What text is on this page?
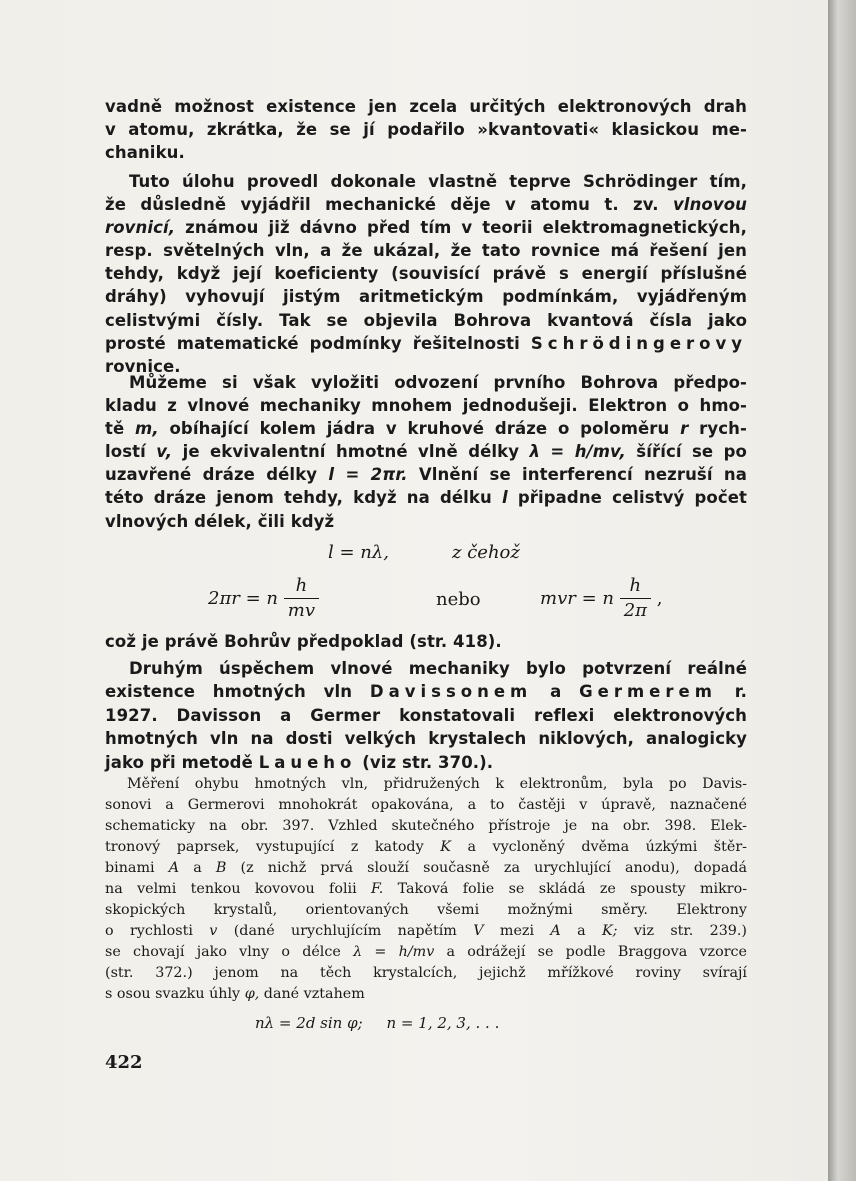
vadně možnost existence jen zcela určitých elektronových drah
v atomu, zkrátka, že se jí podařilo »kvantovati« klasickou me-
chaniku.
Tuto úlohu provedl dokonale vlastně teprve Schrödinger tím,
že důsledně vyjádřil mechanické děje v atomu t. zv. vlnovou
rovnicí, známou již dávno před tím v teorii elektromagnetických,
resp. světelných vln, a že ukázal, že tato rovnice má řešení jen
tehdy, když její koeficienty (souvisící právě s energií příslušné
dráhy) vyhovují jistým aritmetickým podmínkám, vyjádřeným
celistvými čísly. Tak se objevila Bohrova kvantová čísla jako
prosté matematické podmínky řešitelnosti Schrödingerovy
rovnice.
Můžeme si však vyložiti odvození prvního Bohrova předpo-
kladu z vlnové mechaniky mnohem jednodušeji. Elektron o hmo-
tě m, obíhající kolem jádra v kruhové dráze o poloměru r rych-
lostí v, je ekvivalentní hmotné vlně délky λ = h/mv, šířící se po
uzavřené dráze délky l = 2πr. Vlnění se interferencí nezruší na
této dráze jenom tehdy, když na délku l připadne celistvý počet
vlnových délek, čili když
l = nλ,	z čehož
2πr = n $\frac{h}{mv}$	nebo	mvr = n $\frac{h}{2\pi}$ ,
což je právě Bohrův předpoklad (str. 418).
Druhým úspěchem vlnové mechaniky bylo potvrzení reálné
existence hmotných vln Davissonem a Germerem r.
1927. Davisson a Germer konstatovali reflexi elektronových
hmotných vln na dosti velkých krystalech niklových, analogicky
jako při metodě Laueho (viz str. 370.).
Měření ohybu hmotných vln, přidružených k elektronům, byla po Davis-
sonovi a Germerovi mnohokrát opakována, a to častěji v úpravě, naznačené
schematicky na obr. 397. Vzhled skutečného přístroje je na obr. 398. Elek-
tronový paprsek, vystupující z katody K a vycloněný dvěma úzkými štěr-
binami A a B (z nichž prvá slouží současně za urychlující anodu), dopadá
na velmi tenkou kovovou folii F. Taková folie se skládá ze spousty mikro-
skopických krystalů, orientovaných všemi možnými směry. Elektrony
o rychlosti v (dané urychlujícím napětím V mezi A a K; viz str. 239.)
se chovají jako vlny o délce λ = h/mv a odrážejí se podle Braggova vzorce
(str. 372.) jenom na těch krystalcích, jejichž mřížkové roviny svírají
s osou svazku úhly φ, dané vztahem
nλ = 2d sin φ;     n = 1, 2, 3, . . .
422
